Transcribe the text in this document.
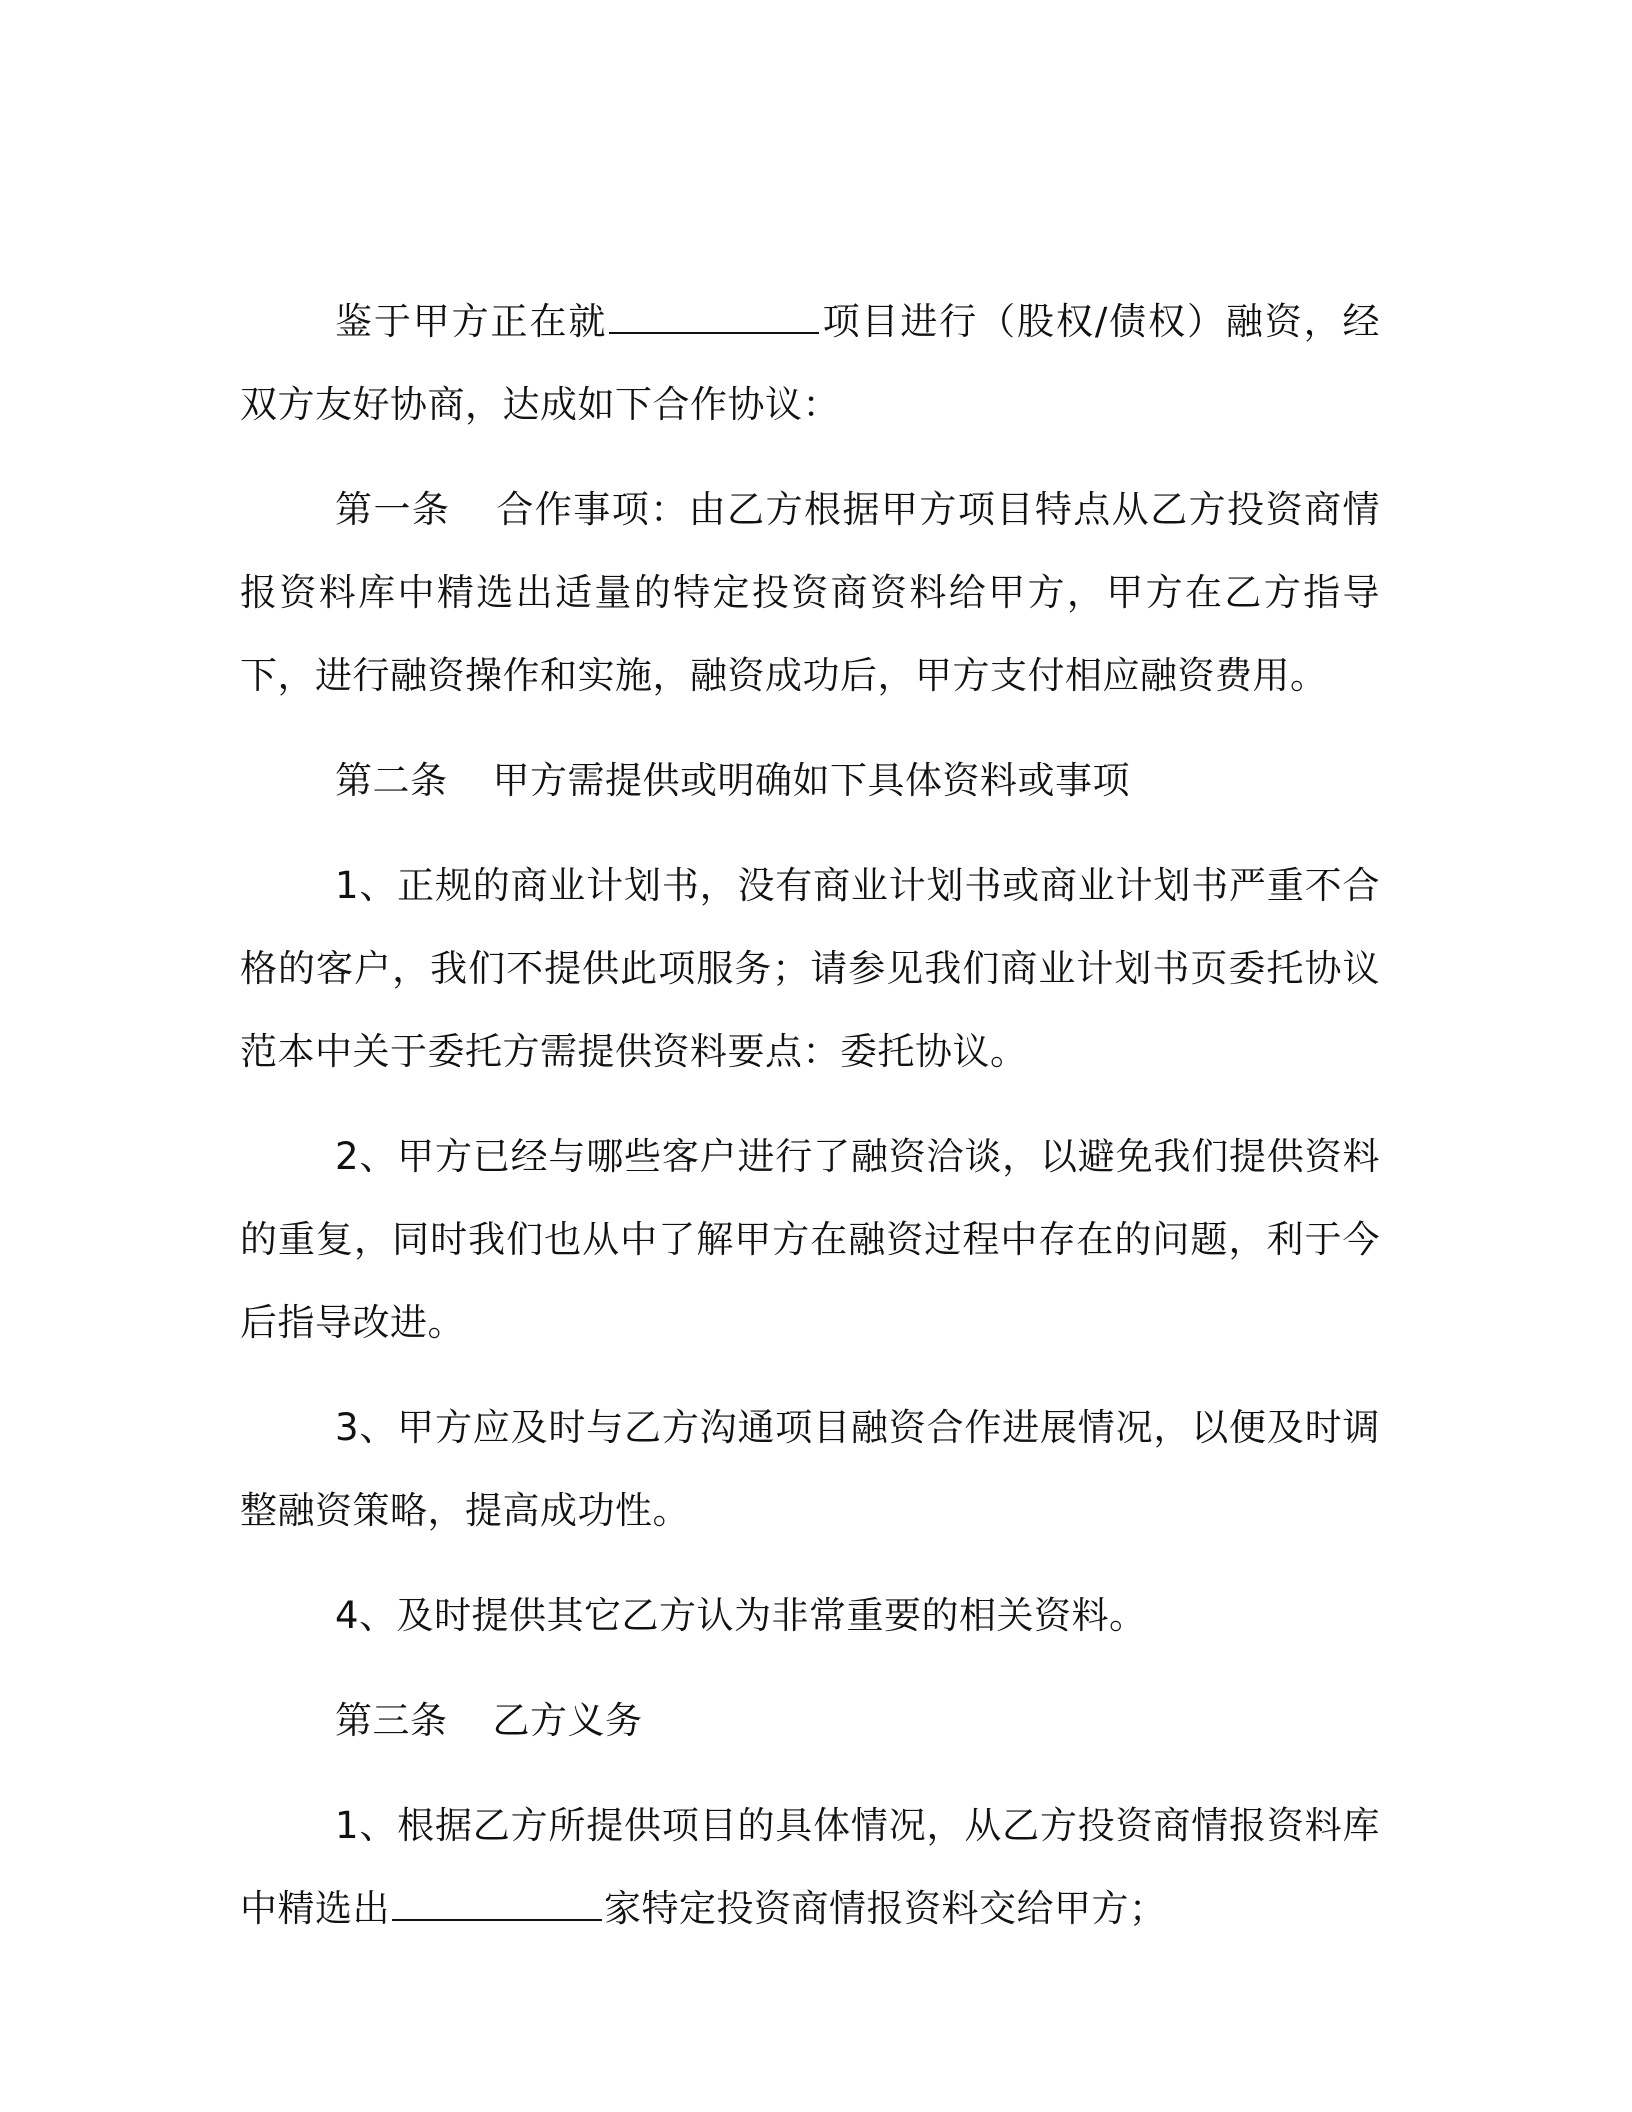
鉴于甲方正在就	项目进行（股权/债权）融资，经双方友好协商，达成如下合作协议：

第一条 合作事项：由乙方根据甲方项目特点从乙方投资商情报资料库中精选出适量的特定投资商资料给甲方，甲方在乙方指导下，进行融资操作和实施，融资成功后，甲方支付相应融资费用。

第二条 甲方需提供或明确如下具体资料或事项

1、正规的商业计划书，没有商业计划书或商业计划书严重不合格的客户，我们不提供此项服务；请参见我们商业计划书页委托协议范本中关于委托方需提供资料要点：委托协议。

2、甲方已经与哪些客户进行了融资洽谈，以避免我们提供资料的重复，同时我们也从中了解甲方在融资过程中存在的问题，利于今后指导改进。

3、甲方应及时与乙方沟通项目融资合作进展情况，以便及时调整融资策略，提高成功性。

4、及时提供其它乙方认为非常重要的相关资料。

第三条 乙方义务

1、根据乙方所提供项目的具体情况，从乙方投资商情报资料库中精选出	家特定投资商情报资料交给甲方；
